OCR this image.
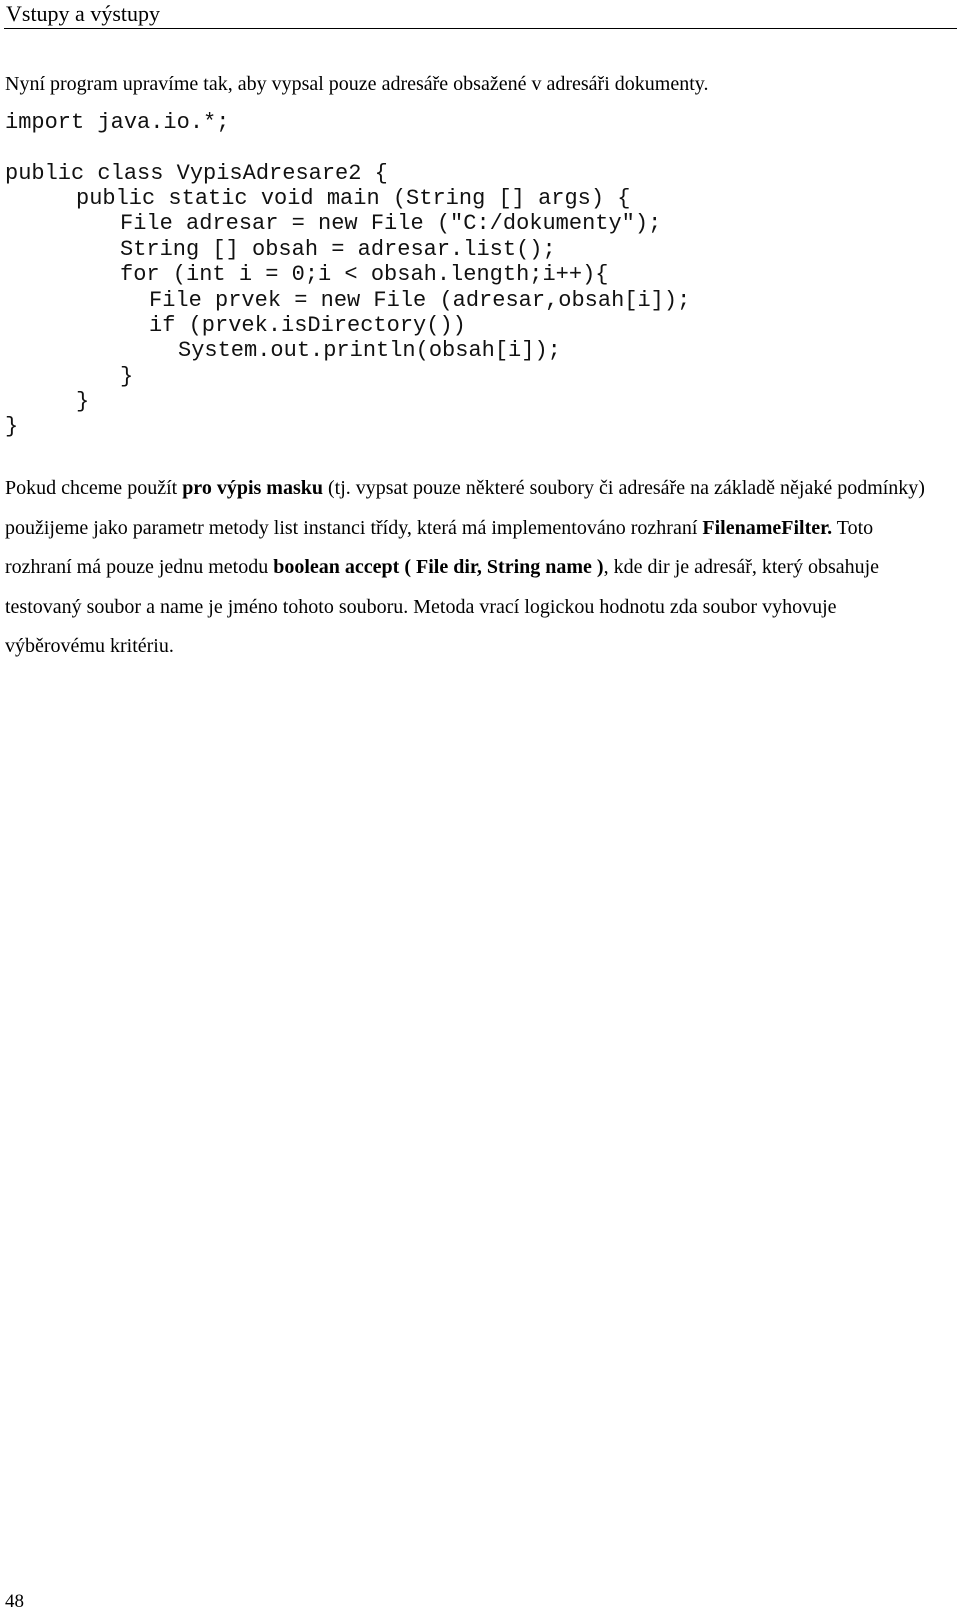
Vstupy a výstupy
Nyní program upravíme tak, aby vypsal pouze adresáře obsažené v adresáři dokumenty.
import java.io.*;
public class VypisAdresare2 {
public static void main (String [] args) {
File adresar = new File ("C:/dokumenty");
String [] obsah = adresar.list();
for (int i = 0;i < obsah.length;i++){
File prvek = new File (adresar,obsah[i]);
if (prvek.isDirectory())
System.out.println(obsah[i]);
}
}
}
Pokud chceme použít pro výpis masku (tj. vypsat pouze některé soubory či adresáře na základě nějaké podmínky) použijeme jako parametr metody list instanci třídy, která má implementováno rozhraní FilenameFilter. Toto rozhraní má pouze jednu metodu boolean accept ( File dir, String name ), kde dir je adresář, který obsahuje testovaný soubor a name je jméno tohoto souboru. Metoda vrací logickou hodnotu zda soubor vyhovuje výběrovému kritériu.
48
